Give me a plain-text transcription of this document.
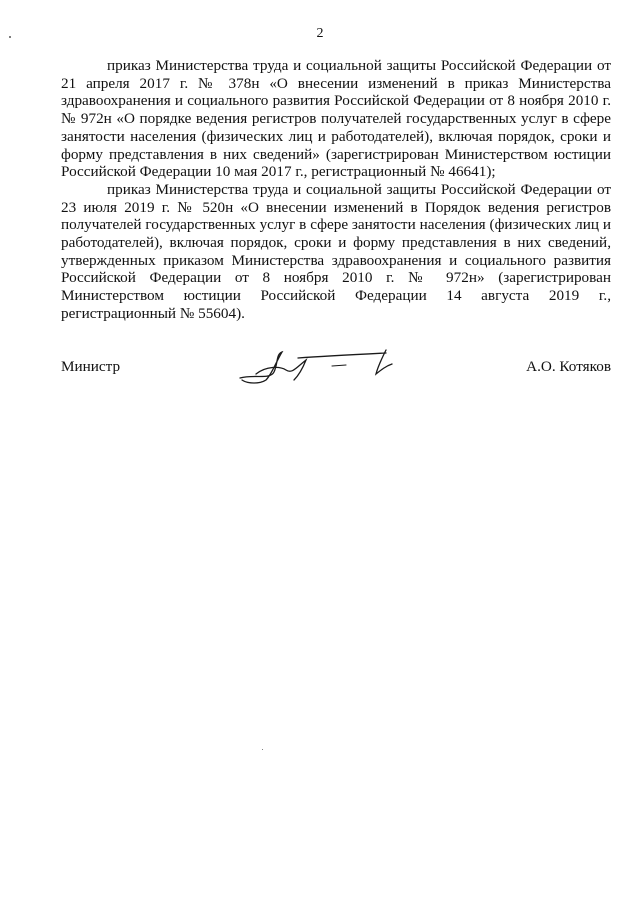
2

приказ Министерства труда и социальной защиты Российской Федерации от 21 апреля 2017 г. № 378н «О внесении изменений в приказ Министерства здравоохранения и социального развития Российской Федерации от 8 ноября 2010 г. № 972н «О порядке ведения регистров получателей государственных услуг в сфере занятости населения (физических лиц и работодателей), включая порядок, сроки и форму представления в них сведений» (зарегистрирован Министерством юстиции Российской Федерации 10 мая 2017 г., регистрационный № 46641);

приказ Министерства труда и социальной защиты Российской Федерации от 23 июля 2019 г. № 520н «О внесении изменений в Порядок ведения регистров получателей государственных услуг в сфере занятости населения (физических лиц и работодателей), включая порядок, сроки и форму представления в них сведений, утвержденных приказом Министерства здравоохранения и социального развития Российской Федерации от 8 ноября 2010 г. № 972н» (зарегистрирован Министерством юстиции Российской Федерации 14 августа 2019 г., регистрационный № 55604).

Министр	А.О. Котяков
